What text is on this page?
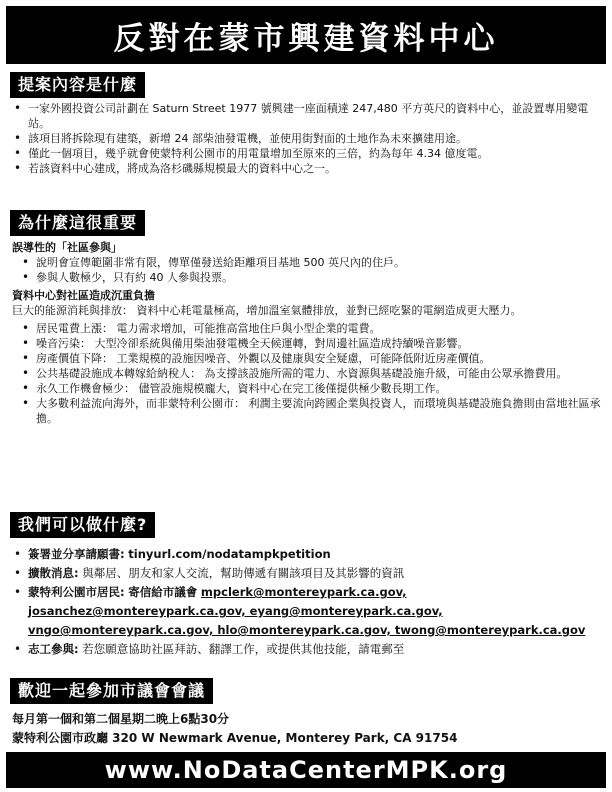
反對在蒙市興建資料中心
提案內容是什麼
• 一家外國投資公司計劃在 Saturn Street 1977 號興建一座面積達 247,480 平方英尺的資料中心，並設置專用變電站。
• 該項目將拆除現有建築，新增 24 部柴油發電機，並使用街對面的土地作為未來擴建用途。
• 僅此一個項目，幾乎就會使蒙特利公園市的用電量增加至原來的三倍，約為每年 4.34 億度電。
• 若該資料中心建成，將成為洛杉磯縣規模最大的資料中心之一。
為什麼這很重要
誤導性的「社區參與」
• 說明會宣傳範圍非常有限，傳單僅發送給距離項目基地 500 英尺內的住戶。
• 參與人數極少，只有約 40 人參與投票。
資料中心對社區造成沉重負擔
巨大的能源消耗與排放： 資料中心耗電量極高，增加溫室氣體排放，並對已經吃緊的電網造成更大壓力。
• 居民電費上漲： 電力需求增加，可能推高當地住戶與小型企業的電費。
• 噪音污染： 大型冷卻系統與備用柴油發電機全天候運轉，對周邊社區造成持續噪音影響。
• 房產價值下降： 工業規模的設施因噪音、外觀以及健康與安全疑慮，可能降低附近房產價值。
• 公共基礎設施成本轉嫁給納稅人： 為支撐該設施所需的電力、水資源與基礎設施升級，可能由公眾承擔費用。
• 永久工作機會極少： 儘管設施規模龐大，資料中心在完工後僅提供極少數長期工作。
• 大多數利益流向海外，而非蒙特利公園市： 利潤主要流向跨國企業與投資人，而環境與基礎設施負擔則由當地社區承擔。
我們可以做什麼?
• 簽署並分享請願書: tinyurl.com/nodatampkpetition
• 擴散消息: 與鄰居、朋友和家人交流，幫助傳遞有關該項目及其影響的資訊
• 蒙特利公園市居民: 寄信給市議會 mpclerk@montereypark.ca.gov,
josanchez@montereypark.ca.gov, eyang@montereypark.ca.gov,
vngo@montereypark.ca.gov, hlo@montereypark.ca.gov, twong@montereypark.ca.gov
• 志工參與: 若您願意協助社區拜訪、翻譯工作，或提供其他技能，請電郵至
歡迎一起參加市議會會議
每月第一個和第二個星期二晚上6點30分
蒙特利公園市政廳 320 W Newmark Avenue, Monterey Park, CA 91754
www.NoDataCenterMPK.org
